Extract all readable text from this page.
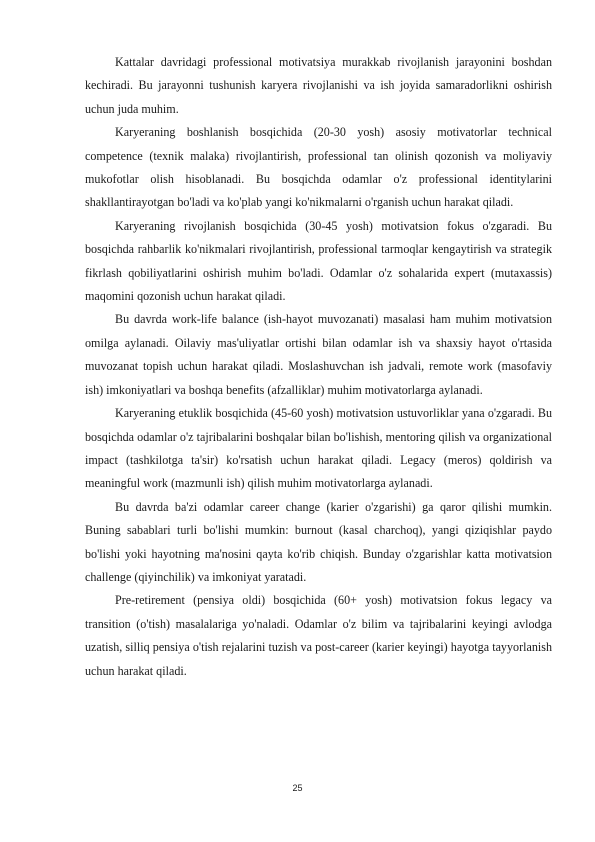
Kattalar davridagi professional motivatsiya murakkab rivojlanish jarayonini boshdan kechiradi. Bu jarayonni tushunish karyera rivojlanishi va ish joyida samaradorlikni oshirish uchun juda muhim.

Karyeraning boshlanish bosqichida (20-30 yosh) asosiy motivatorlar technical competence (texnik malaka) rivojlantirish, professional tan olinish qozonish va moliyaviy mukofotlar olish hisoblanadi. Bu bosqichda odamlar o'z professional identitylarini shakllantirayotgan bo'ladi va ko'plab yangi ko'nikmalarni o'rganish uchun harakat qiladi.

Karyeraning rivojlanish bosqichida (30-45 yosh) motivatsion fokus o'zgaradi. Bu bosqichda rahbarlik ko'nikmalari rivojlantirish, professional tarmoqlar kengaytirish va strategik fikrlash qobiliyatlarini oshirish muhim bo'ladi. Odamlar o'z sohalarida expert (mutaxassis) maqomini qozonish uchun harakat qiladi.

Bu davrda work-life balance (ish-hayot muvozanati) masalasi ham muhim motivatsion omilga aylanadi. Oilaviy mas'uliyatlar ortishi bilan odamlar ish va shaxsiy hayot o'rtasida muvozanat topish uchun harakat qiladi. Moslashuvchan ish jadvali, remote work (masofaviy ish) imkoniyatlari va boshqa benefits (afzalliklar) muhim motivatorlarga aylanadi.

Karyeraning etuklik bosqichida (45-60 yosh) motivatsion ustuvorliklar yana o'zgaradi. Bu bosqichda odamlar o'z tajribalarini boshqalar bilan bo'lishish, mentoring qilish va organizational impact (tashkilotga ta'sir) ko'rsatish uchun harakat qiladi. Legacy (meros) qoldirish va meaningful work (mazmunli ish) qilish muhim motivatorlarga aylanadi.

Bu davrda ba'zi odamlar career change (karier o'zgarishi) ga qaror qilishi mumkin. Buning sabablari turli bo'lishi mumkin: burnout (kasal charchoq), yangi qiziqishlar paydo bo'lishi yoki hayotning ma'nosini qayta ko'rib chiqish. Bunday o'zgarishlar katta motivatsion challenge (qiyinchilik) va imkoniyat yaratadi.

Pre-retirement (pensiya oldi) bosqichida (60+ yosh) motivatsion fokus legacy va transition (o'tish) masalalariga yo'naladi. Odamlar o'z bilim va tajribalarini keyingi avlodga uzatish, silliq pensiya o'tish rejalarini tuzish va post-career (karier keyingi) hayotga tayyorlanish uchun harakat qiladi.

25
